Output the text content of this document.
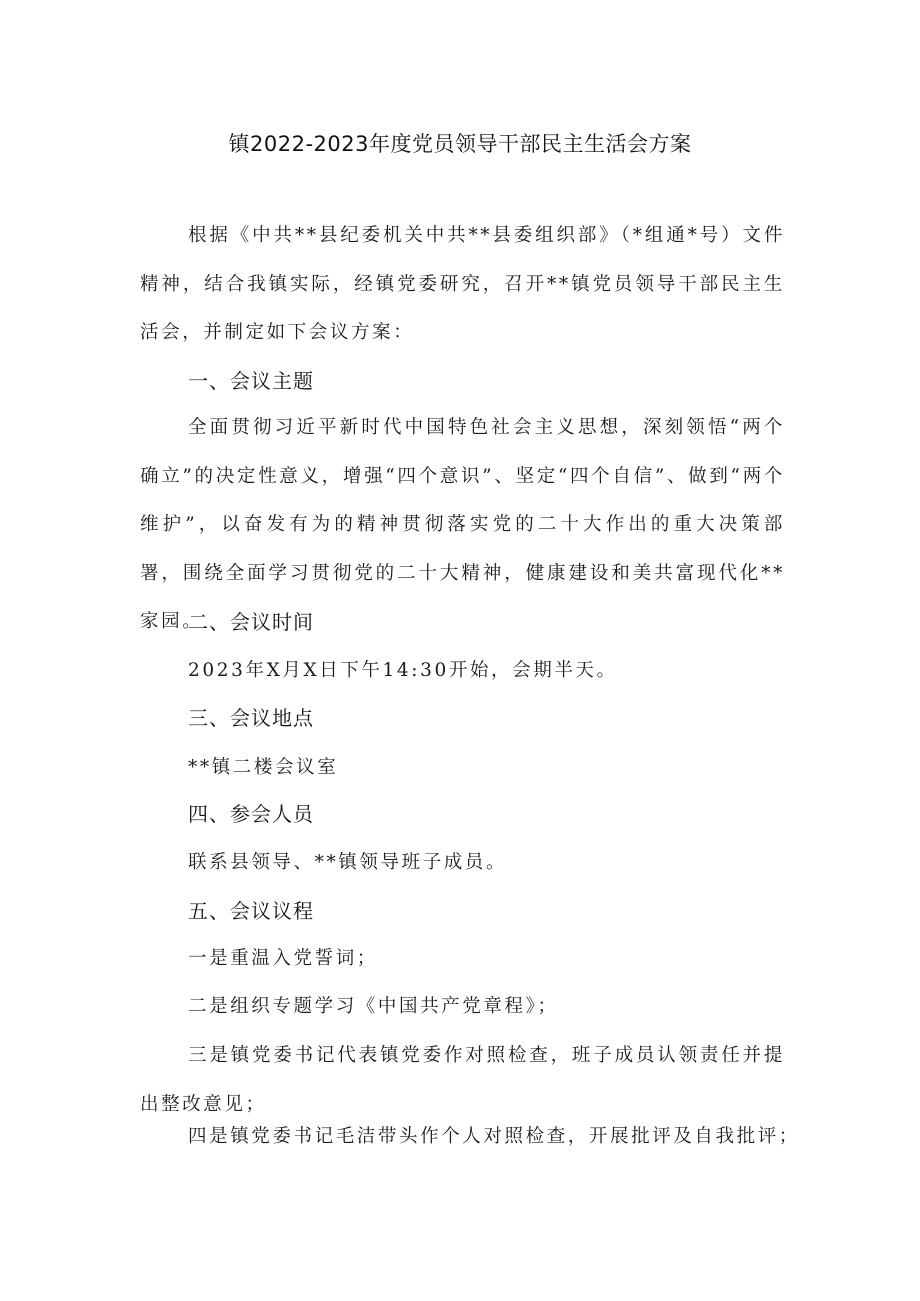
镇2022-2023年度党员领导干部民主生活会方案

根据《中共**县纪委机关中共**县委组织部》（*组通*号）文件精神，结合我镇实际，经镇党委研究，召开**镇党员领导干部民主生活会，并制定如下会议方案：

一、会议主题

全面贯彻习近平新时代中国特色社会主义思想，深刻领悟“两个确立”的决定性意义，增强“四个意识”、坚定“四个自信”、做到“两个维护”，以奋发有为的精神贯彻落实党的二十大作出的重大决策部署，围绕全面学习贯彻党的二十大精神，健康建设和美共富现代化**家园。

二、会议时间
2023年X月X日下午14:30开始，会期半天。
三、会议地点
**镇二楼会议室
四、参会人员
联系县领导、**镇领导班子成员。
五、会议议程
一是重温入党誓词；
二是组织专题学习《中国共产党章程》；

三是镇党委书记代表镇党委作对照检查，班子成员认领责任并提出整改意见；

四是镇党委书记毛洁带头作个人对照检查，开展批评及自我批评；
